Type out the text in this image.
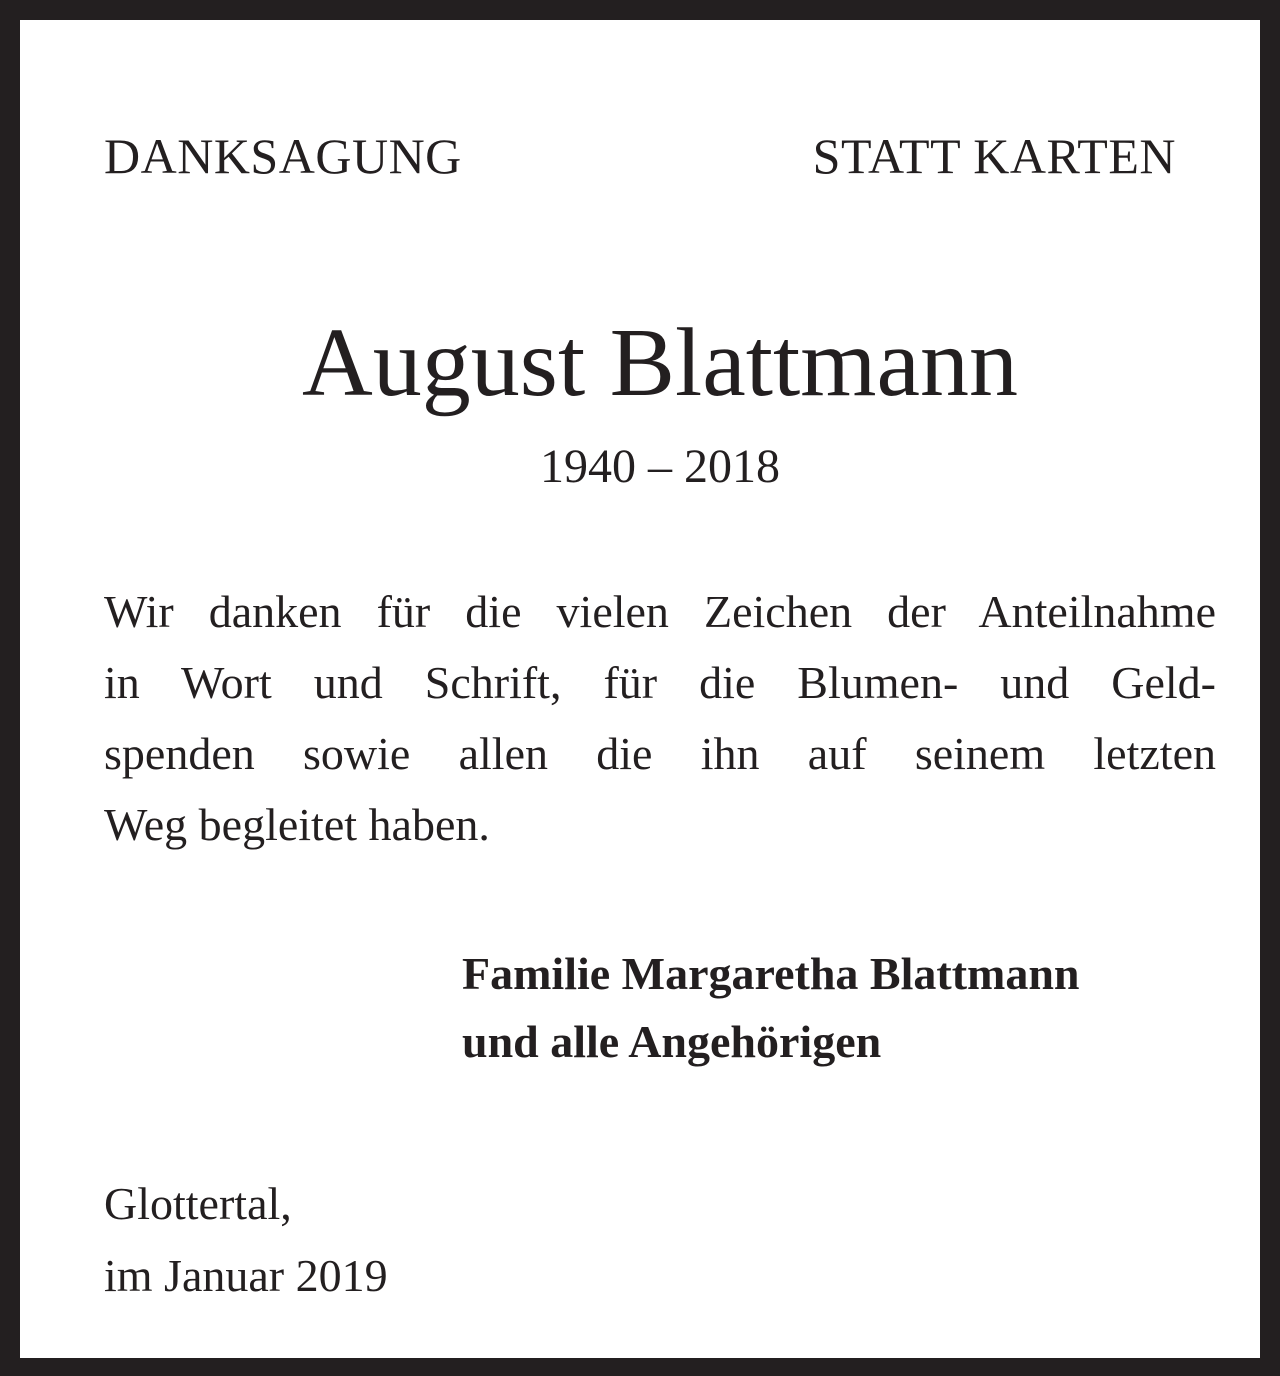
DANKSAGUNG	STATT KARTEN
August Blattmann
1940 – 2018
Wir danken für die vielen Zeichen der Anteilnahme
in Wort und Schrift, für die Blumen- und Geld-
spenden sowie allen die ihn auf seinem letzten
Weg begleitet haben.
Familie Margaretha Blattmann
und alle Angehörigen
Glottertal,
im Januar 2019
